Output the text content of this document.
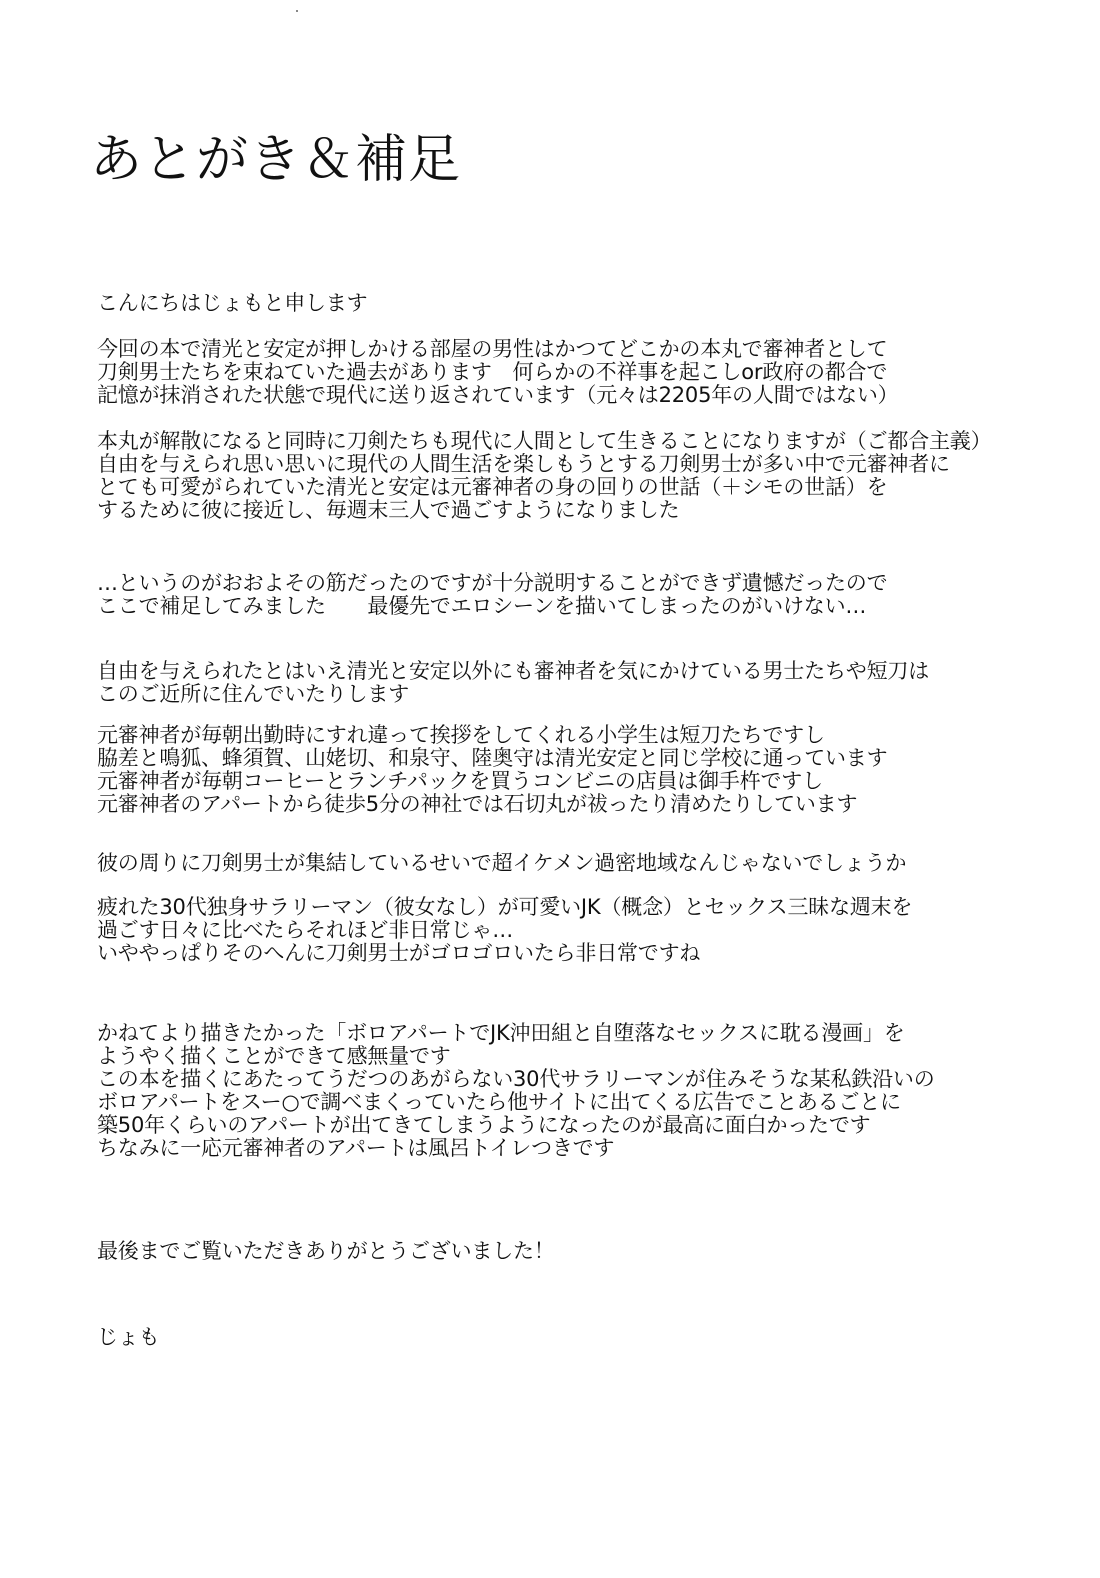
あとがき＆補足
こんにちはじょもと申します
今回の本で清光と安定が押しかける部屋の男性はかつてどこかの本丸で審神者として
刀剣男士たちを束ねていた過去があります　何らかの不祥事を起こしor政府の都合で
記憶が抹消された状態で現代に送り返されています（元々は2205年の人間ではない）
本丸が解散になると同時に刀剣たちも現代に人間として生きることになりますが（ご都合主義）
自由を与えられ思い思いに現代の人間生活を楽しもうとする刀剣男士が多い中で元審神者に
とても可愛がられていた清光と安定は元審神者の身の回りの世話（＋シモの世話）を
するために彼に接近し、毎週末三人で過ごすようになりました
…というのがおおよその筋だったのですが十分説明することができず遺憾だったので
ここで補足してみました　　最優先でエロシーンを描いてしまったのがいけない…
自由を与えられたとはいえ清光と安定以外にも審神者を気にかけている男士たちや短刀は
このご近所に住んでいたりします
元審神者が毎朝出勤時にすれ違って挨拶をしてくれる小学生は短刀たちですし
脇差と鳴狐、蜂須賀、山姥切、和泉守、陸奥守は清光安定と同じ学校に通っています
元審神者が毎朝コーヒーとランチパックを買うコンビニの店員は御手杵ですし
元審神者のアパートから徒歩5分の神社では石切丸が祓ったり清めたりしています
彼の周りに刀剣男士が集結しているせいで超イケメン過密地域なんじゃないでしょうか
疲れた30代独身サラリーマン（彼女なし）が可愛いJK（概念）とセックス三昧な週末を
過ごす日々に比べたらそれほど非日常じゃ…
いややっぱりそのへんに刀剣男士がゴロゴロいたら非日常ですね
かねてより描きたかった「ボロアパートでJK沖田組と自堕落なセックスに耽る漫画」を
ようやく描くことができて感無量です
この本を描くにあたってうだつのあがらない30代サラリーマンが住みそうな某私鉄沿いの
ボロアパートをスー○で調べまくっていたら他サイトに出てくる広告でことあるごとに
築50年くらいのアパートが出てきてしまうようになったのが最高に面白かったです
ちなみに一応元審神者のアパートは風呂トイレつきです
最後までご覧いただきありがとうございました！
じょも
